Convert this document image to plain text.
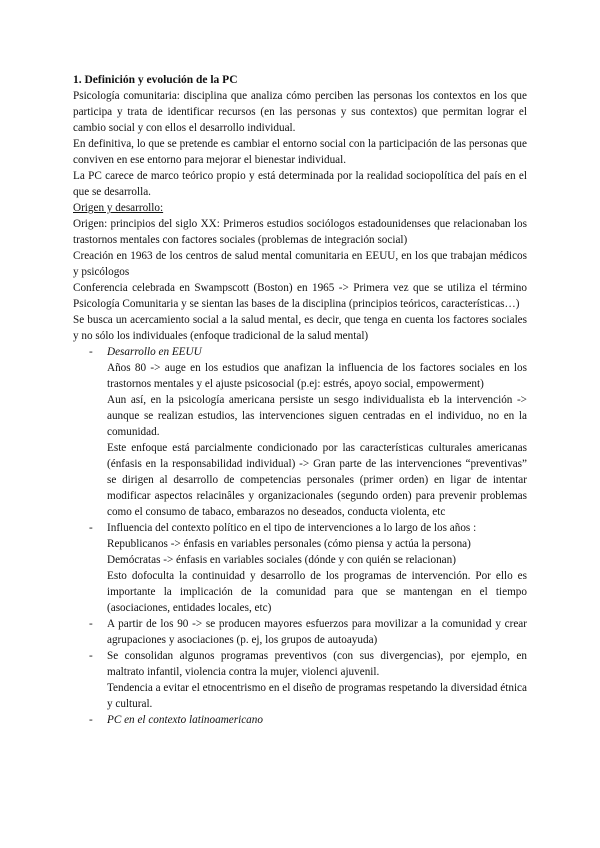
1. Definición y evolución de la PC

Psicología comunitaria: disciplina que analiza cómo perciben las personas los contextos en los que participa y trata de identificar recursos (en las personas y sus contextos) que permitan lograr el cambio social y con ellos el desarrollo individual.

En definitiva, lo que se pretende es cambiar el entorno social con la participación de las personas que conviven en ese entorno para mejorar el bienestar individual.

La PC carece de marco teórico propio y está determinada por la realidad sociopolítica del país en el que se desarrolla.

Origen y desarrollo:

Origen: principios del siglo XX: Primeros estudios sociólogos estadounidenses que relacionaban los trastornos mentales con factores sociales (problemas de integración social)

Creación en 1963 de los centros de salud mental comunitaria en EEUU, en los que trabajan médicos y psicólogos

Conferencia celebrada en Swampscott (Boston) en 1965 -> Primera vez que se utiliza el término Psicología Comunitaria y se sientan las bases de la disciplina (principios teóricos, características…)

Se busca un acercamiento social a la salud mental, es decir, que tenga en cuenta los factores sociales y no sólo los individuales (enfoque tradicional de la salud mental)

- Desarrollo en EEUU

Años 80 -> auge en los estudios que anafizan la influencia de los factores sociales en los trastornos mentales y el ajuste psicosocial (p.ej: estrés, apoyo social, empowerment)

Aun así, en la psicología americana persiste un sesgo individualista eb la intervención -> aunque se realizan estudios, las intervenciones siguen centradas en el individuo, no en la comunidad.

Este enfoque está parcialmente condicionado por las características culturales americanas (énfasis en la responsabilidad individual) -> Gran parte de las intervenciones “preventivas” se dirigen al desarrollo de competencias personales (primer orden) en ligar de intentar modificar aspectos relacinâles y organizacionales (segundo orden) para prevenir problemas como el consumo de tabaco, embarazos no deseados, conducta violenta, etc

- Influencia del contexto político en el tipo de intervenciones a lo largo de los años :

Republicanos -> énfasis en variables personales (cómo piensa y actúa la persona)

Demócratas -> énfasis en variables sociales (dónde y con quién se relacionan)

Esto dofoculta la continuidad y desarrollo de los programas de intervención. Por ello es importante la implicación de la comunidad para que se mantengan en el tiempo (asociaciones, entidades locales, etc)

- A partir de los 90 -> se producen mayores esfuerzos para movilizar a la comunidad y crear agrupaciones y asociaciones (p. ej, los grupos de autoayuda)

- Se consolidan algunos programas preventivos (con sus divergencias), por ejemplo, en maltrato infantil, violencia contra la mujer, violenci ajuvenil.

Tendencia a evitar el etnocentrismo en el diseño de programas respetando la diversidad étnica y cultural.

- PC en el contexto latinoamericano
